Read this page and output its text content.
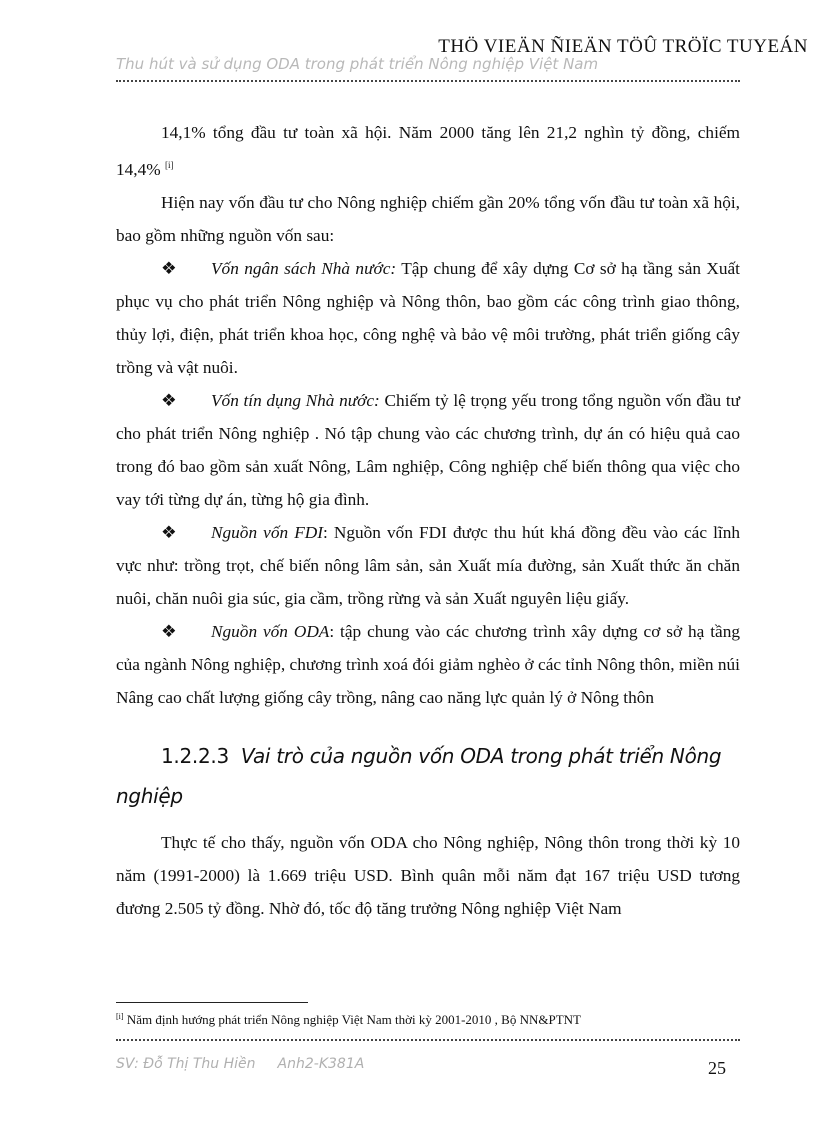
THÖ VIEÄN ÑIEÄN TÖÛ TRÖÏC TUYEÁN
Thu hút và sử dụng ODA trong phát triển Nông nghiệp Việt Nam

14,1% tổng đầu tư toàn xã hội. Năm 2000 tăng lên 21,2 nghìn tỷ đồng, chiếm 14,4% [i]

Hiện nay vốn đầu tư cho Nông nghiệp chiếm gần 20% tổng vốn đầu tư toàn xã hội, bao gồm những nguồn vốn sau:

❖ Vốn ngân sách Nhà nước: Tập chung để xây dựng Cơ sở hạ tầng sản Xuất phục vụ cho phát triển Nông nghiệp và Nông thôn, bao gồm các công trình giao thông, thủy lợi, điện, phát triển khoa học, công nghệ và bảo vệ môi trường, phát triển giống cây trồng và vật nuôi.

❖ Vốn tín dụng Nhà nước: Chiếm tỷ lệ trọng yếu trong tổng nguồn vốn đầu tư cho phát triển Nông nghiệp . Nó tập chung vào các chương trình, dự án có hiệu quả cao trong đó bao gồm sản xuất Nông, Lâm nghiệp, Công nghiệp chế biến thông qua việc cho vay tới từng dự án, từng hộ gia đình.

❖ Nguồn vốn FDI: Nguồn vốn FDI được thu hút khá đồng đều vào các lĩnh vực như: trồng trọt, chế biến nông lâm sản, sản Xuất mía đường, sản Xuất thức ăn chăn nuôi, chăn nuôi gia súc, gia cầm, trồng rừng và sản Xuất nguyên liệu giấy.

❖ Nguồn vốn ODA: tập chung vào các chương trình xây dựng cơ sở hạ tầng của ngành Nông nghiệp, chương trình xoá đói giảm nghèo ở các tỉnh Nông thôn, miền núi Nâng cao chất lượng giống cây trồng, nâng cao năng lực quản lý ở Nông thôn

1.2.2.3 Vai trò của nguồn vốn ODA trong phát triển Nông nghiệp

Thực tế cho thấy, nguồn vốn ODA cho Nông nghiệp, Nông thôn trong thời kỳ 10 năm (1991-2000) là 1.669 triệu USD. Bình quân mỗi năm đạt 167 triệu USD tương đương 2.505 tỷ đồng. Nhờ đó, tốc độ tăng trưởng Nông nghiệp Việt Nam

[i] Năm định hướng phát triển Nông nghiệp Việt Nam thời kỳ 2001-2010 , Bộ NN&PTNT
SV: Đỗ Thị Thu Hiền Anh2-K381A	25
